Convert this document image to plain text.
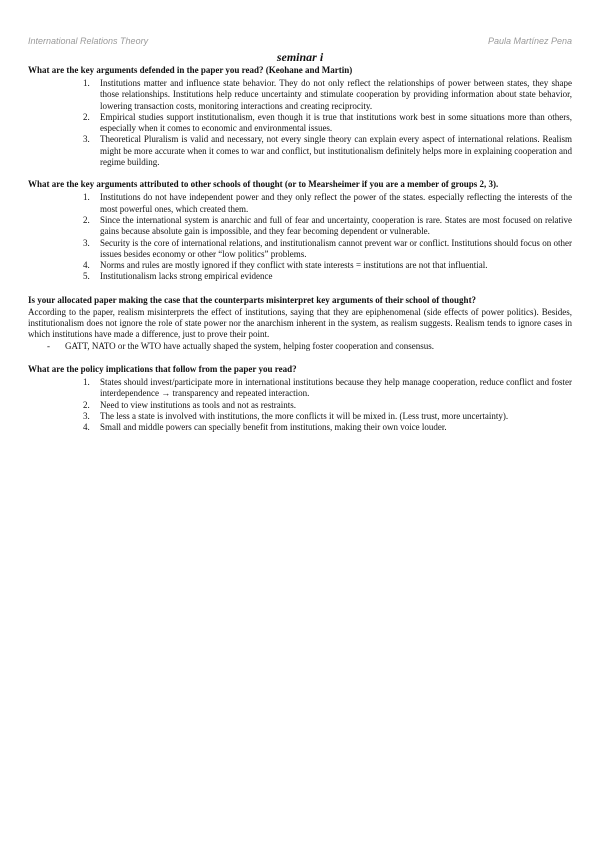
International Relations Theory	Paula Martínez Pena
seminar i
What are the key arguments defended in the paper you read? (Keohane and Martin)
1. Institutions matter and influence state behavior. They do not only reflect the relationships of power between states, they shape those relationships. Institutions help reduce uncertainty and stimulate cooperation by providing information about state behavior, lowering transaction costs, monitoring interactions and creating reciprocity.
2. Empirical studies support institutionalism, even though it is true that institutions work best in some situations more than others, especially when it comes to economic and environmental issues.
3. Theoretical Pluralism is valid and necessary, not every single theory can explain every aspect of international relations. Realism might be more accurate when it comes to war and conflict, but institutionalism definitely helps more in explaining cooperation and regime building.
What are the key arguments attributed to other schools of thought (or to Mearsheimer if you are a member of groups 2, 3).
1. Institutions do not have independent power and they only reflect the power of the states. especially reflecting the interests of the most powerful ones, which created them.
2. Since the international system is anarchic and full of fear and uncertainty, cooperation is rare. States are most focused on relative gains because absolute gain is impossible, and they fear becoming dependent or vulnerable.
3. Security is the core of international relations, and institutionalism cannot prevent war or conflict. Institutions should focus on other issues besides economy or other “low politics” problems.
4. Norms and rules are mostly ignored if they conflict with state interests = institutions are not that influential.
5. Institutionalism lacks strong empirical evidence
Is your allocated paper making the case that the counterparts misinterpret key arguments of their school of thought?

According to the paper, realism misinterprets the effect of institutions, saying that they are epiphenomenal (side effects of power politics). Besides, institutionalism does not ignore the role of state power nor the anarchism inherent in the system, as realism suggests. Realism tends to ignore cases in which institutions have made a difference, just to prove their point.

- GATT, NATO or the WTO have actually shaped the system, helping foster cooperation and consensus.
What are the policy implications that follow from the paper you read?
1. States should invest/participate more in international institutions because they help manage cooperation, reduce conflict and foster interdependence → transparency and repeated interaction.
2. Need to view institutions as tools and not as restraints.
3. The less a state is involved with institutions, the more conflicts it will be mixed in. (Less trust, more uncertainty).
4. Small and middle powers can specially benefit from institutions, making their own voice louder.
